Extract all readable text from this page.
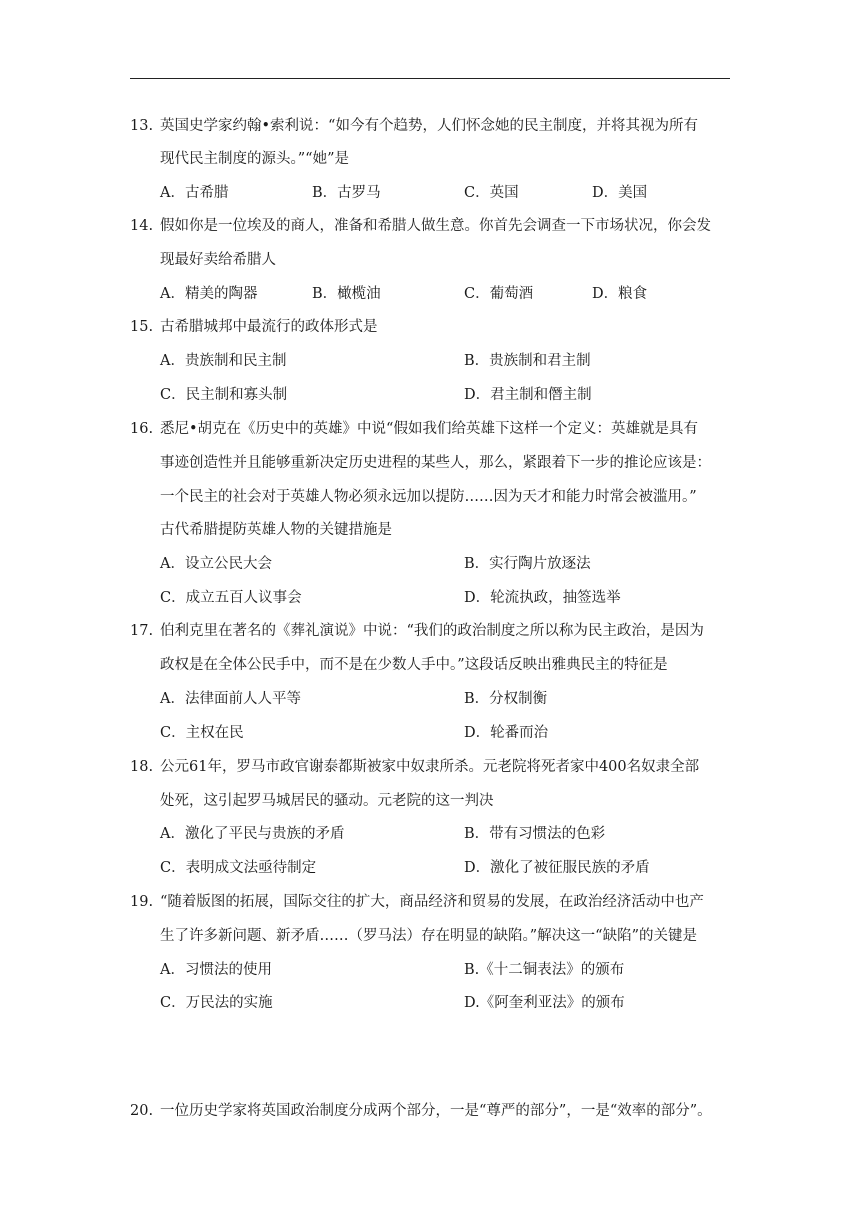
13. 英国史学家约翰•索利说：“如今有个趋势，人们怀念她的民主制度，并将其视为所有
现代民主制度的源头。”“她”是
A．古希腊	B．古罗马	C．英国	D．美国
14. 假如你是一位埃及的商人，准备和希腊人做生意。你首先会调查一下市场状况，你会发
现最好卖给希腊人
A．精美的陶器	B．橄榄油	C．葡萄酒	D．粮食
15. 古希腊城邦中最流行的政体形式是
A．贵族制和民主制	B．贵族制和君主制
C．民主制和寡头制	D．君主制和僭主制
16. 悉尼•胡克在《历史中的英雄》中说“假如我们给英雄下这样一个定义：英雄就是具有
事迹创造性并且能够重新决定历史进程的某些人，那么，紧跟着下一步的推论应该是：
一个民主的社会对于英雄人物必须永远加以提防……因为天才和能力时常会被滥用。”
古代希腊提防英雄人物的关键措施是
A．设立公民大会	B．实行陶片放逐法
C．成立五百人议事会	D．轮流执政，抽签选举
17. 伯利克里在著名的《葬礼演说》中说：“我们的政治制度之所以称为民主政治，是因为
政权是在全体公民手中，而不是在少数人手中。”这段话反映出雅典民主的特征是
A．法律面前人人平等	B．分权制衡
C．主权在民	D．轮番而治
18. 公元61年，罗马市政官谢泰都斯被家中奴隶所杀。元老院将死者家中400名奴隶全部
处死，这引起罗马城居民的骚动。元老院的这一判决
A．激化了平民与贵族的矛盾	B．带有习惯法的色彩
C．表明成文法亟待制定	D．激化了被征服民族的矛盾
19. “随着版图的拓展，国际交往的扩大，商品经济和贸易的发展，在政治经济活动中也产
生了许多新问题、新矛盾……（罗马法）存在明显的缺陷。”解决这一“缺陷”的关键是
A．习惯法的使用	B.《十二铜表法》的颁布
C．万民法的实施	D.《阿奎利亚法》的颁布
20. 一位历史学家将英国政治制度分成两个部分，一是“尊严的部分”，一是“效率的部分”。
